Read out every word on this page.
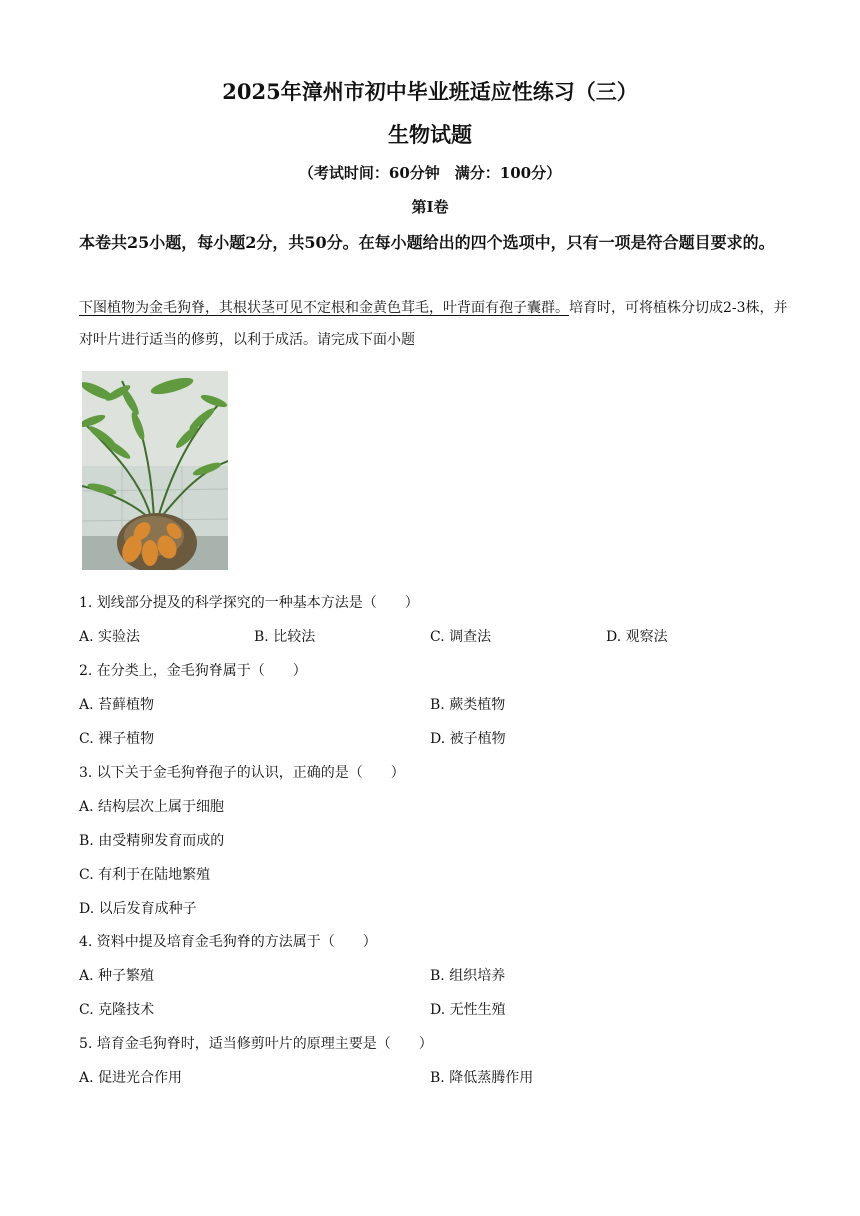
2025年漳州市初中毕业班适应性练习（三）
生物试题
（考试时间：60分钟　满分：100分）
第Ⅰ卷
本卷共25小题，每小题2分，共50分。在每小题给出的四个选项中，只有一项是符合题目要求的。
下图植物为金毛狗脊，其根状茎可见不定根和金黄色茸毛，叶背面有孢子囊群。培育时，可将植株分切成2-3株，并对叶片进行适当的修剪，以利于成活。请完成下面小题
1. 划线部分提及的科学探究的一种基本方法是（　　）
A. 实验法	B. 比较法	C. 调查法	D. 观察法
2. 在分类上，金毛狗脊属于（　　）
A. 苔藓植物	B. 蕨类植物
C. 裸子植物	D. 被子植物
3. 以下关于金毛狗脊孢子的认识，正确的是（　　）
A. 结构层次上属于细胞
B. 由受精卵发育而成的
C. 有利于在陆地繁殖
D. 以后发育成种子
4. 资料中提及培育金毛狗脊的方法属于（　　）
A. 种子繁殖	B. 组织培养
C. 克隆技术	D. 无性生殖
5. 培育金毛狗脊时，适当修剪叶片的原理主要是（　　）
A. 促进光合作用	B. 降低蒸腾作用
